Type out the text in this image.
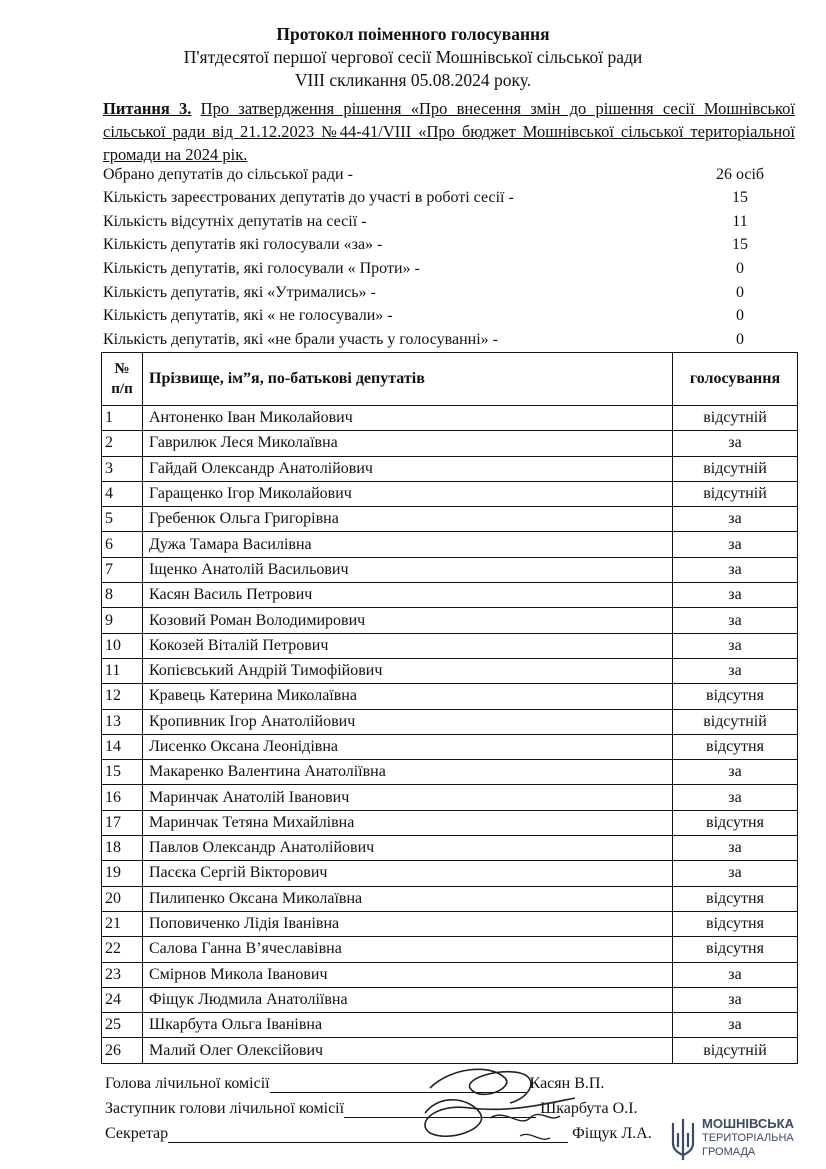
Протокол поіменного голосування
П'ятдесятої першої чергової сесії Мошнівської сільської ради
VIII скликання 05.08.2024 року.
Питання 3. Про затвердження рішення «Про внесення змін до рішення сесії Мошнівської сільської ради від 21.12.2023 №44-41/VIII «Про бюджет Мошнівської сільської територіальної громади на 2024 рік.
Обрано депутатів до сільської ради -	26 осіб
Кількість зареєстрованих депутатів до участі в роботі сесії -	15
Кількість відсутніх депутатів на сесії -	11
Кількість депутатів які голосували «за» -	15
Кількість депутатів, які голосували « Проти» -	0
Кількість депутатів, які «Утримались» -	0
Кількість депутатів, які « не голосували» -	0
Кількість депутатів, які «не брали участь у голосуванні» -	0
№
п/п	Прізвище, ім”я, по-батькові депутатів	голосування
1	Антоненко Іван Миколайович	відсутній
2	Гаврилюк Леся Миколаївна	за
3	Гайдай Олександр Анатолійович	відсутній
4	Гаращенко Ігор Миколайович	відсутній
5	Гребенюк Ольга Григорівна	за
6	Дужа Тамара Василівна	за
7	Іщенко Анатолій Васильович	за
8	Касян Василь Петрович	за
9	Козовий Роман Володимирович	за
10	Кокозей Віталій Петрович	за
11	Копієвський Андрій Тимофійович	за
12	Кравець Катерина Миколаївна	відсутня
13	Кропивник Ігор Анатолійович	відсутній
14	Лисенко Оксана Леонідівна	відсутня
15	Макаренко Валентина Анатоліївна	за
16	Маринчак Анатолій Іванович	за
17	Маринчак Тетяна Михайлівна	відсутня
18	Павлов Олександр Анатолійович	за
19	Пасєка Сергій Вікторович	за
20	Пилипенко Оксана Миколаївна	відсутня
21	Поповиченко Лідія Іванівна	відсутня
22	Салова Ганна В’ячеславівна	відсутня
23	Смірнов Микола Іванович	за
24	Фіщук Людмила Анатоліївна	за
25	Шкарбута Ольга Іванівна	за
26	Малий Олег Олексійович	відсутній
Голова лічильної комісії	Касян В.П.
Заступник голови лічильної комісії	Шкарбута О.І.
Секретар	Фіщук Л.А.
МОШНІВСЬКА
ТЕРИТОРІАЛЬНА
ГРОМАДА
